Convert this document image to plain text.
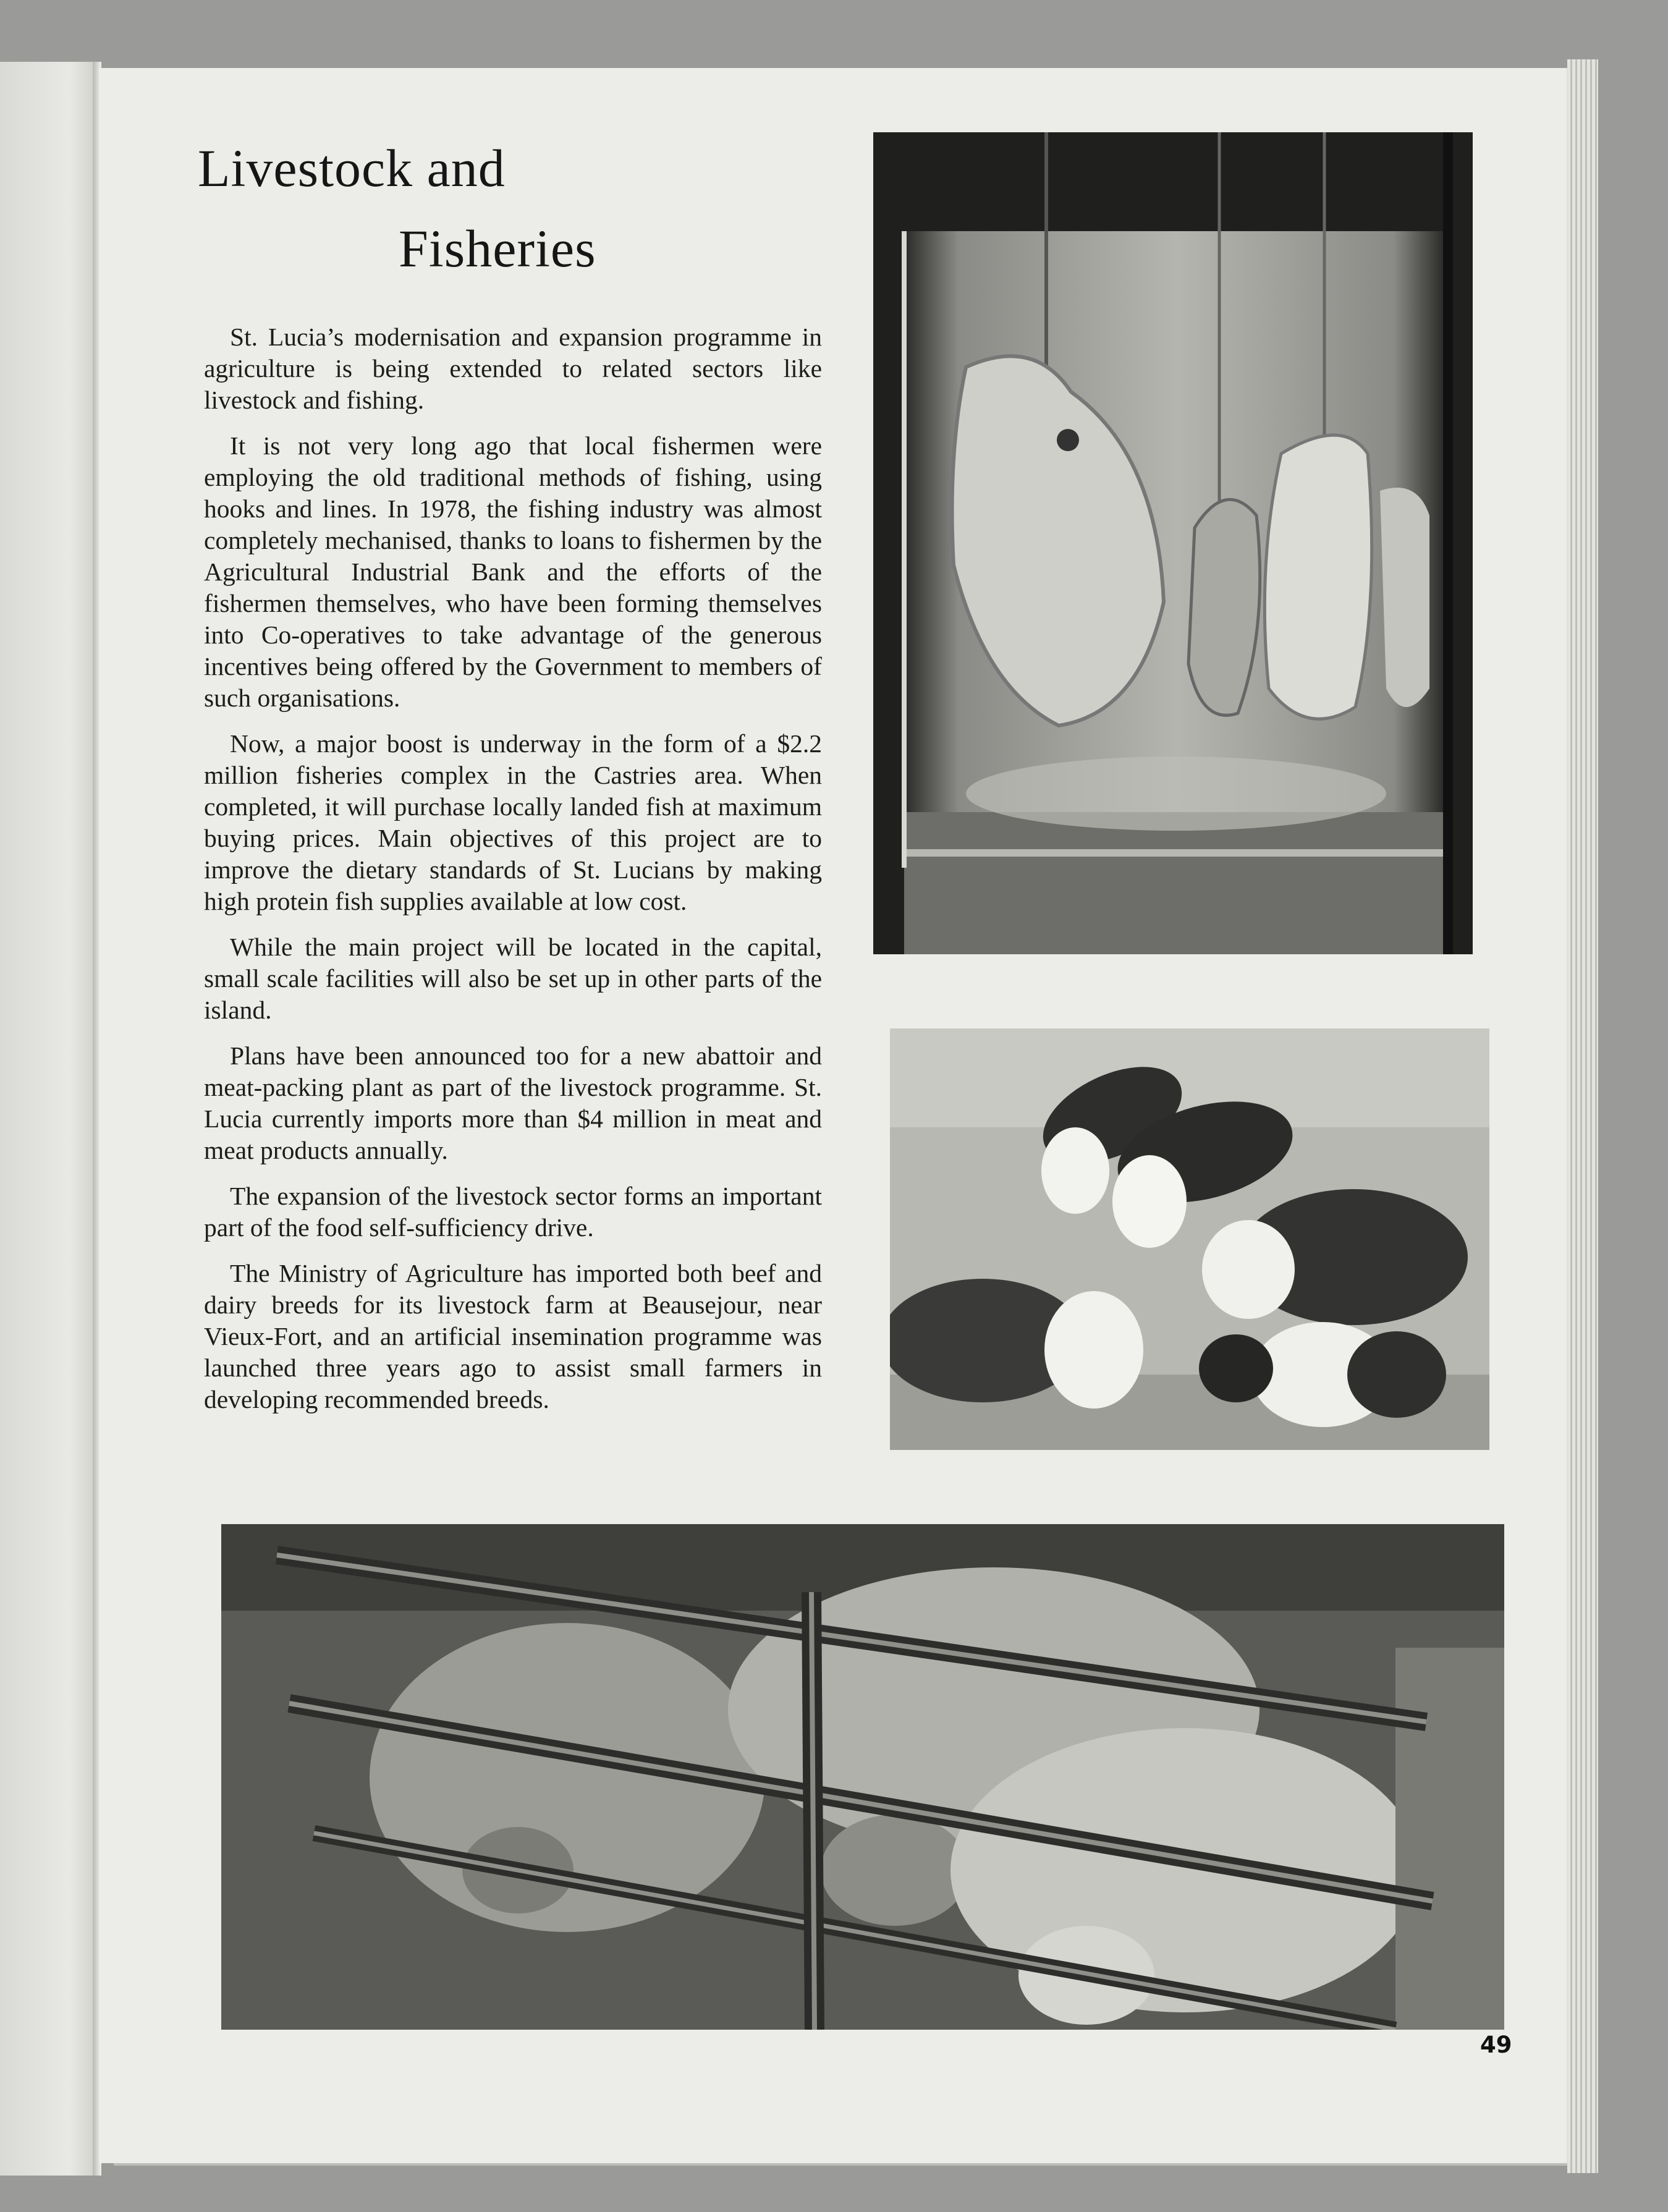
Livestock and
Fisheries

St. Lucia’s modernisation and expansion programme in agriculture is being extended to related sectors like livestock and fishing.

It is not very long ago that local fishermen were employing the old traditional methods of fishing, using hooks and lines. In 1978, the fishing industry was almost completely mechanised, thanks to loans to fishermen by the Agricultural Industrial Bank and the efforts of the fishermen themselves, who have been forming themselves into Co-operatives to take advantage of the generous incentives being offered by the Government to members of such organisations.

Now, a major boost is underway in the form of a $2.2 million fisheries complex in the Castries area. When completed, it will purchase locally landed fish at maximum buying prices. Main objectives of this project are to improve the dietary standards of St. Lucians by making high protein fish supplies available at low cost.

While the main project will be located in the capital, small scale facilities will also be set up in other parts of the island.

Plans have been announced too for a new abattoir and meat-packing plant as part of the livestock programme. St. Lucia currently imports more than $4 million in meat and meat products annually.

The expansion of the livestock sector forms an important part of the food self-sufficiency drive.

The Ministry of Agriculture has imported both beef and dairy breeds for its livestock farm at Beausejour, near Vieux-Fort, and an artificial insemination programme was launched three years ago to assist small farmers in developing recommended breeds.

49
